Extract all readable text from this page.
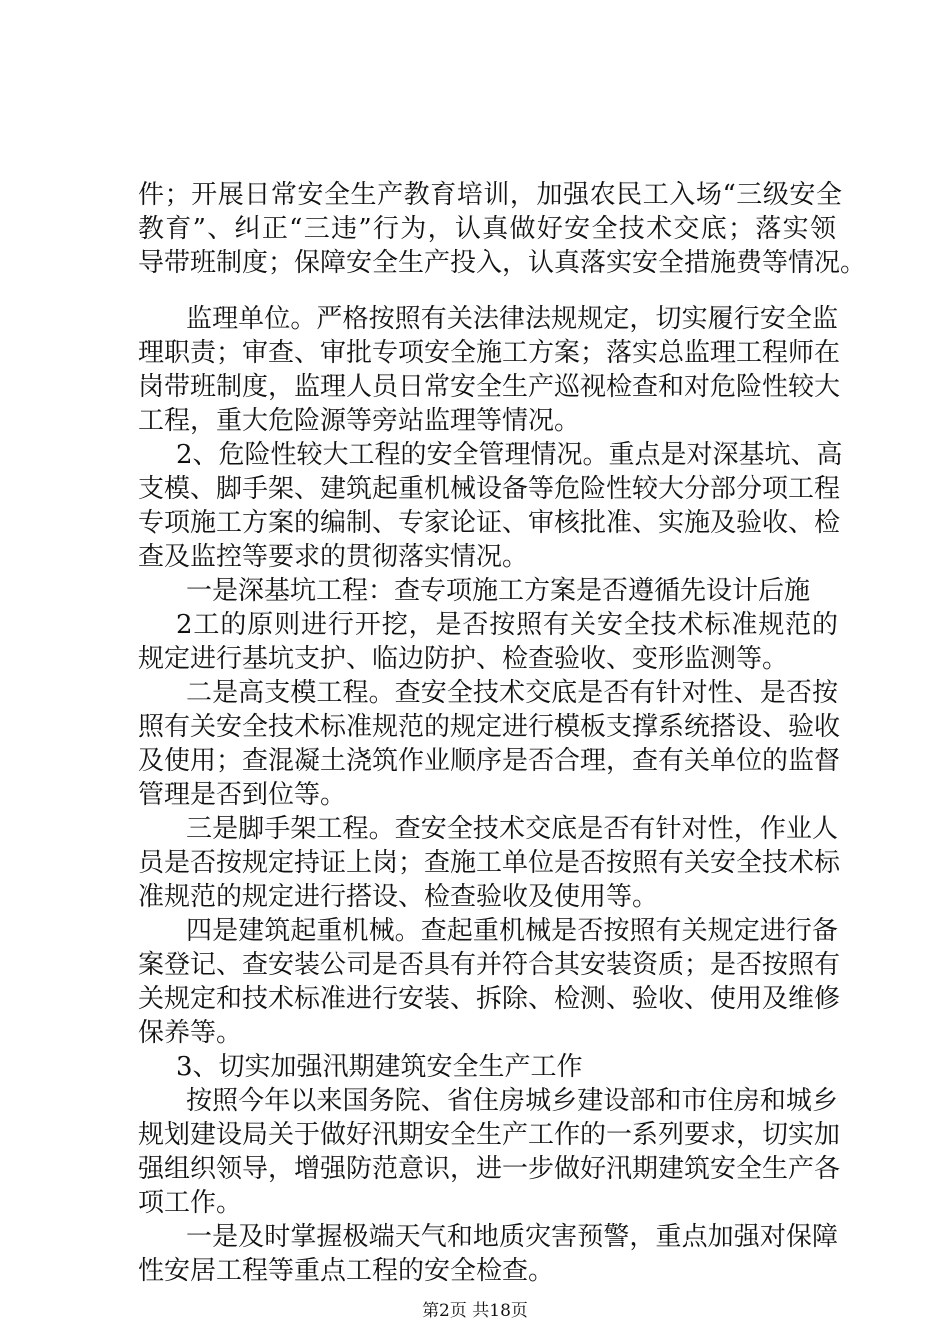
件；开展日常安全生产教育培训，加强农民工入场“三级安全
教育”、纠正“三违”行为，认真做好安全技术交底；落实领
导带班制度；保障安全生产投入，认真落实安全措施费等情况。
监理单位。严格按照有关法律法规规定，切实履行安全监
理职责；审查、审批专项安全施工方案；落实总监理工程师在
岗带班制度，监理人员日常安全生产巡视检查和对危险性较大
工程，重大危险源等旁站监理等情况。
2、危险性较大工程的安全管理情况。重点是对深基坑、高
支模、脚手架、建筑起重机械设备等危险性较大分部分项工程
专项施工方案的编制、专家论证、审核批准、实施及验收、检
查及监控等要求的贯彻落实情况。
一是深基坑工程：查专项施工方案是否遵循先设计后施
2工的原则进行开挖，是否按照有关安全技术标准规范的
规定进行基坑支护、临边防护、检查验收、变形监测等。
二是高支模工程。查安全技术交底是否有针对性、是否按
照有关安全技术标准规范的规定进行模板支撑系统搭设、验收
及使用；查混凝土浇筑作业顺序是否合理，查有关单位的监督
管理是否到位等。
三是脚手架工程。查安全技术交底是否有针对性，作业人
员是否按规定持证上岗；查施工单位是否按照有关安全技术标
准规范的规定进行搭设、检查验收及使用等。
四是建筑起重机械。查起重机械是否按照有关规定进行备
案登记、查安装公司是否具有并符合其安装资质；是否按照有
关规定和技术标准进行安装、拆除、检测、验收、使用及维修
保养等。
3、切实加强汛期建筑安全生产工作
按照今年以来国务院、省住房城乡建设部和市住房和城乡
规划建设局关于做好汛期安全生产工作的一系列要求，切实加
强组织领导，增强防范意识，进一步做好汛期建筑安全生产各
项工作。
一是及时掌握极端天气和地质灾害预警，重点加强对保障
性安居工程等重点工程的安全检查。
第2页 共18页
